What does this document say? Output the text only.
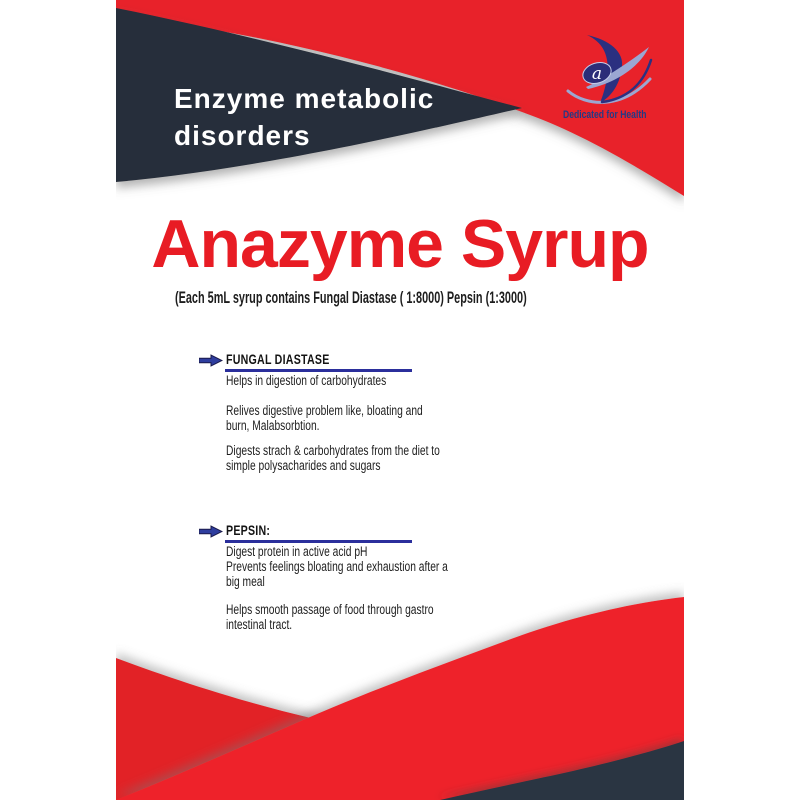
a
Enzyme metabolic
disorders
Dedicated for Health
Anazyme Syrup
(Each 5mL syrup contains Fungal Diastase ( 1:8000) Pepsin (1:3000)
FUNGAL DIASTASE

Helps in digestion of carbohydrates

Relives digestive problem like, bloating and
burn, Malabsorbtion.

Digests strach & carbohydrates from the diet to
simple polysacharides and sugars

PEPSIN:

Digest protein in active acid pH
Prevents feelings bloating and exhaustion after a
big meal

Helps smooth passage of food through gastro
intestinal tract.
